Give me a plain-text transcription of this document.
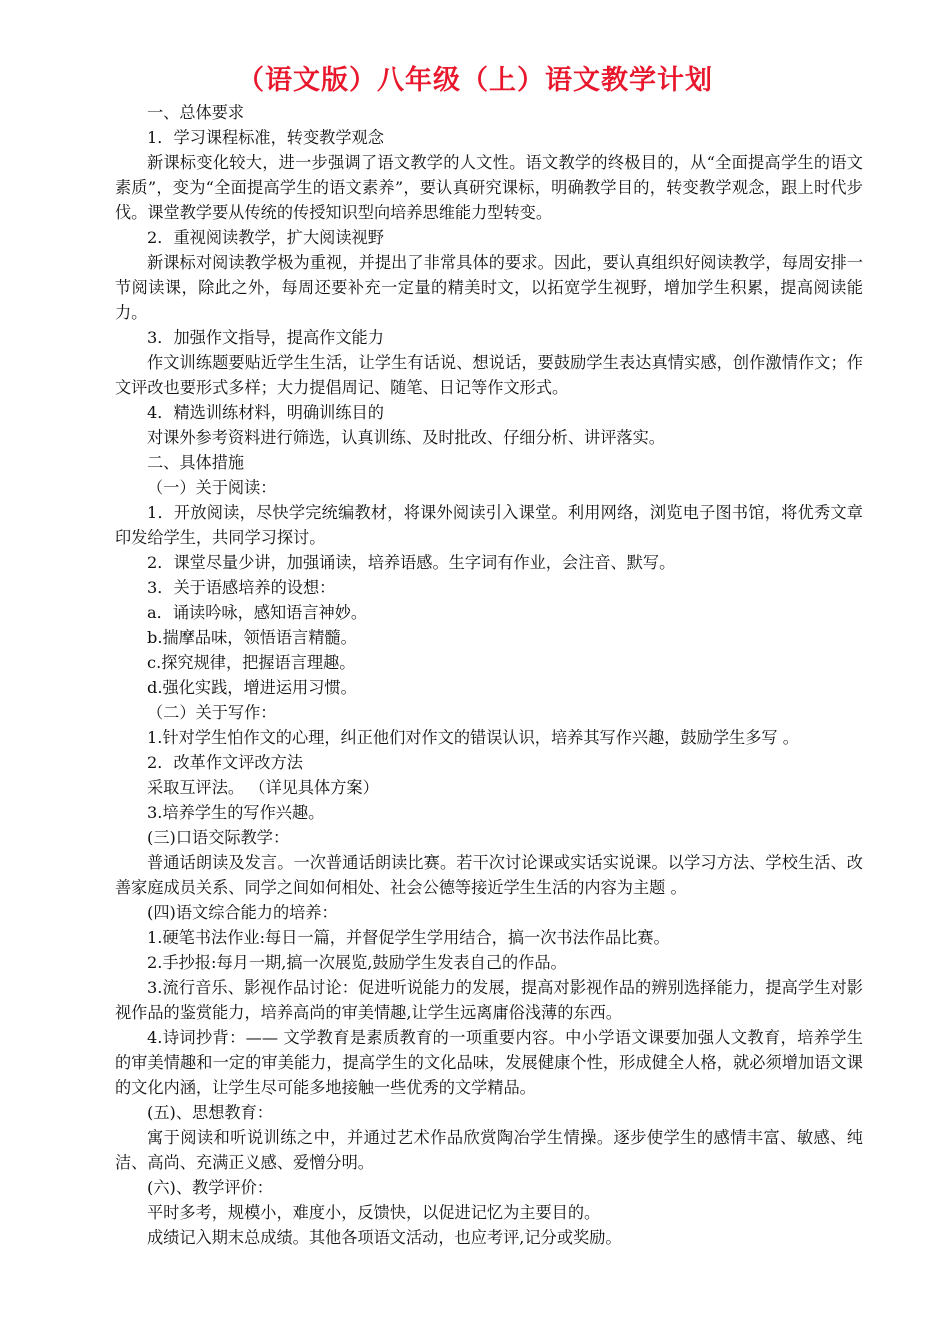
（语文版）八年级（上）语文教学计划

一、总体要求

1．学习课程标准，转变教学观念

新课标变化较大，进一步强调了语文教学的人文性。语文教学的终极目的，从“全面提高学生的语文素质”，变为“全面提高学生的语文素养”，要认真研究课标，明确教学目的，转变教学观念，跟上时代步伐。课堂教学要从传统的传授知识型向培养思维能力型转变。

2．重视阅读教学，扩大阅读视野

新课标对阅读教学极为重视，并提出了非常具体的要求。因此，要认真组织好阅读教学，每周安排一节阅读课，除此之外，每周还要补充一定量的精美时文，以拓宽学生视野，增加学生积累，提高阅读能力。

3．加强作文指导，提高作文能力

作文训练题要贴近学生生活，让学生有话说、想说话，要鼓励学生表达真情实感，创作激情作文；作文评改也要形式多样；大力提倡周记、随笔、日记等作文形式。

4．精选训练材料，明确训练目的

对课外参考资料进行筛选，认真训练、及时批改、仔细分析、讲评落实。

二、具体措施

（一）关于阅读：

1．开放阅读，尽快学完统编教材，将课外阅读引入课堂。利用网络，浏览电子图书馆，将优秀文章印发给学生，共同学习探讨。

2．课堂尽量少讲，加强诵读，培养语感。生字词有作业，会注音、默写。

3．关于语感培养的设想：

a．诵读吟咏，感知语言神妙。

b.揣摩品味，领悟语言精髓。

c.探究规律，把握语言理趣。

d.强化实践，增进运用习惯。

（二）关于写作：

1.针对学生怕作文的心理，纠正他们对作文的错误认识，培养其写作兴趣，鼓励学生多写 。

2．改革作文评改方法

采取互评法。 （详见具体方案）

3.培养学生的写作兴趣。

(三)口语交际教学：

普通话朗读及发言。一次普通话朗读比赛。若干次讨论课或实话实说课。以学习方法、学校生活、改善家庭成员关系、同学之间如何相处、社会公德等接近学生生活的内容为主题 。

(四)语文综合能力的培养：

1.硬笔书法作业:每日一篇，并督促学生学用结合，搞一次书法作品比赛。

2.手抄报:每月一期,搞一次展览,鼓励学生发表自己的作品。

3.流行音乐、影视作品讨论：促进听说能力的发展，提高对影视作品的辨别选择能力，提高学生对影视作品的鉴赏能力，培养高尚的审美情趣,让学生远离庸俗浅薄的东西。

4.诗词抄背：—— 文学教育是素质教育的一项重要内容。中小学语文课要加强人文教育，培养学生的审美情趣和一定的审美能力，提高学生的文化品味，发展健康个性，形成健全人格，就必须增加语文课的文化内涵，让学生尽可能多地接触一些优秀的文学精品。

(五)、思想教育：

寓于阅读和听说训练之中，并通过艺术作品欣赏陶冶学生情操。逐步使学生的感情丰富、敏感、纯洁、高尚、充满正义感、爱憎分明。

(六)、教学评价：

平时多考，规模小，难度小，反馈快，以促进记忆为主要目的。

成绩记入期末总成绩。其他各项语文活动，也应考评,记分或奖励。
